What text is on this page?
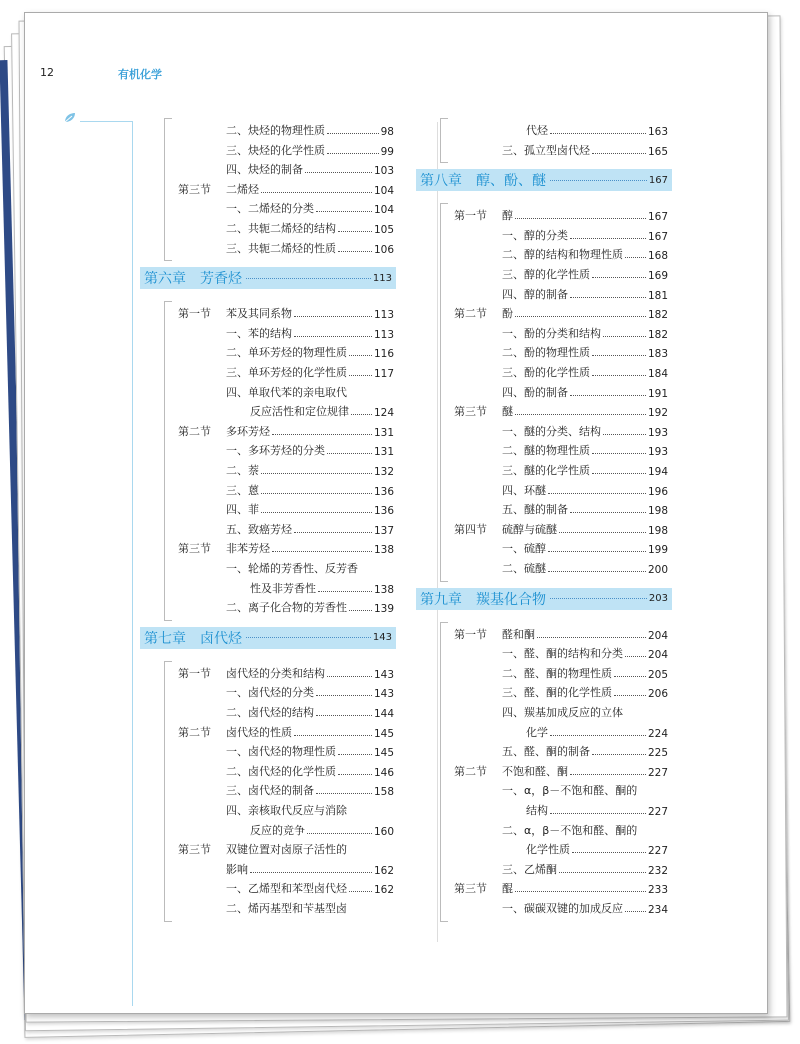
12	有机化学
二、炔烃的物理性质	98
三、炔烃的化学性质	99
四、炔烃的制备	103
第三节	二烯烃	104
一、二烯烃的分类	104
二、共轭二烯烃的结构	105
三、共轭二烯烃的性质	106
第六章　芳香烃	113
第一节	苯及其同系物	113
一、苯的结构	113
二、单环芳烃的物理性质	116
三、单环芳烃的化学性质	117
四、单取代苯的亲电取代
反应活性和定位规律 124
第二节	多环芳烃	131
一、多环芳烃的分类	131
二、萘	132
三、蒽	136
四、菲	136
五、致癌芳烃	137
第三节	非苯芳烃	138
一、轮烯的芳香性、反芳香
性及非芳香性	138
二、离子化合物的芳香性	139
第七章　卤代烃	143
第一节	卤代烃的分类和结构	143
一、卤代烃的分类	143
二、卤代烃的结构	144
第二节	卤代烃的性质	145
一、卤代烃的物理性质	145
二、卤代烃的化学性质	146
三、卤代烃的制备	158
四、亲核取代反应与消除
反应的竞争	160
第三节	双键位置对卤原子活性的
影响	162
一、乙烯型和苯型卤代烃	162
二、烯丙基型和苄基型卤
代烃	163
三、孤立型卤代烃	165
第八章　醇、酚、醚	167
第一节	醇	167
一、醇的分类	167
二、醇的结构和物理性质 168
三、醇的化学性质	169
四、醇的制备	181
第二节	酚	182
一、酚的分类和结构	182
二、酚的物理性质	183
三、酚的化学性质	184
四、酚的制备	191
第三节	醚	192
一、醚的分类、结构	193
二、醚的物理性质	193
三、醚的化学性质	194
四、环醚	196
五、醚的制备	198
第四节	硫醇与硫醚	198
一、硫醇	199
二、硫醚	200
第九章　羰基化合物	203
第一节	醛和酮	204
一、醛、酮的结构和分类 204
二、醛、酮的物理性质	205
三、醛、酮的化学性质	206
四、羰基加成反应的立体
化学	224
五、醛、酮的制备	225
第二节	不饱和醛、酮	227
一、α，β－不饱和醛、酮的
结构	227
二、α，β－不饱和醛、酮的
化学性质	227
三、乙烯酮	232
第三节	醌	233
一、碳碳双键的加成反应 234
